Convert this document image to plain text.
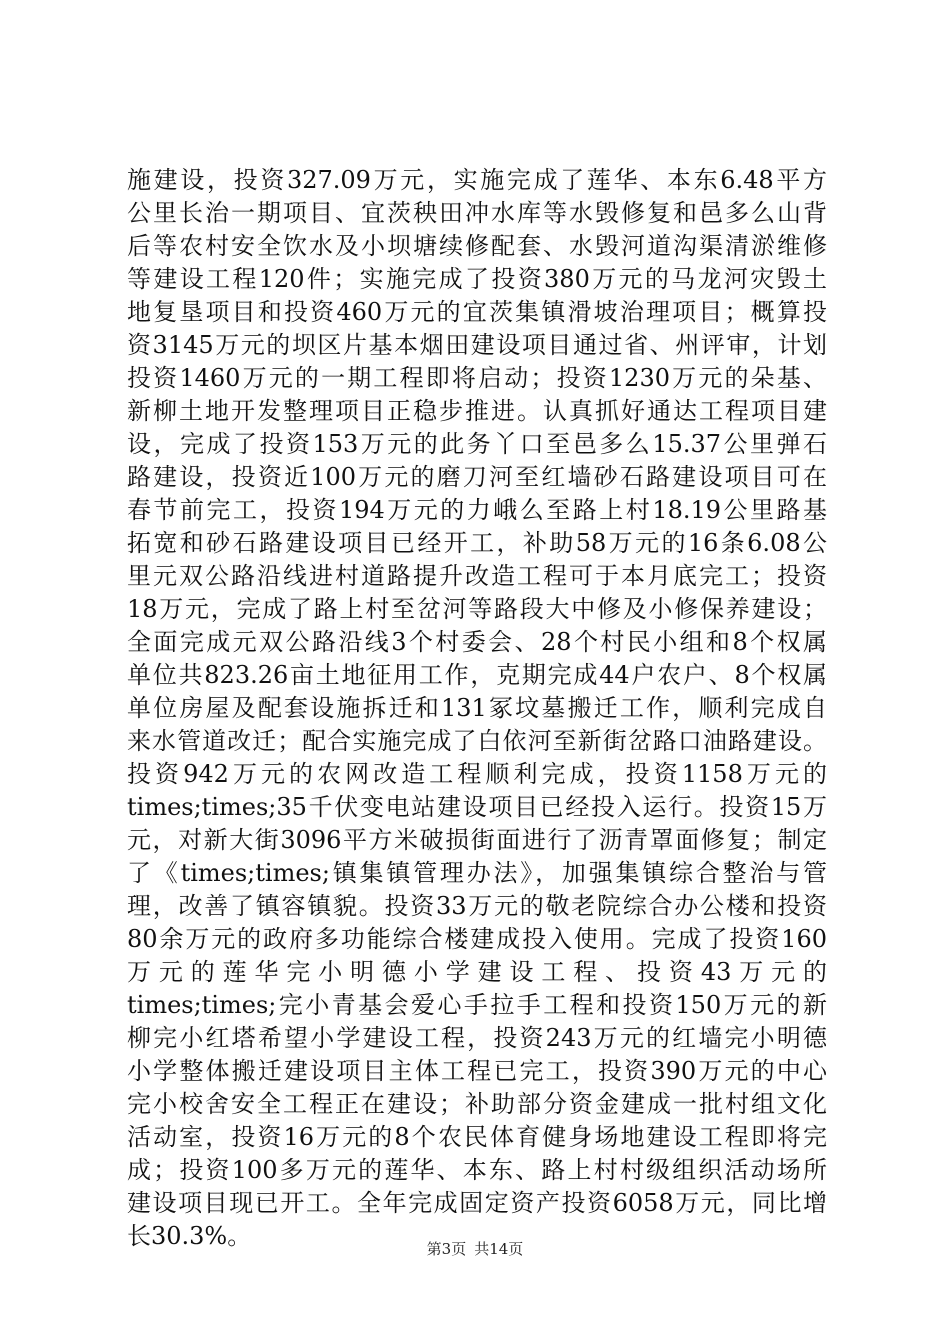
施建设，投资327.09万元，实施完成了莲华、本东6.48平方
公里长治一期项目、宜茨秧田冲水库等水毁修复和邑多么山背
后等农村安全饮水及小坝塘续修配套、水毁河道沟渠清淤维修
等建设工程120件；实施完成了投资380万元的马龙河灾毁土
地复垦项目和投资460万元的宜茨集镇滑坡治理项目；概算投
资3145万元的坝区片基本烟田建设项目通过省、州评审，计划
投资1460万元的一期工程即将启动；投资1230万元的朵基、
新柳土地开发整理项目正稳步推进。认真抓好通达工程项目建
设，完成了投资153万元的此务丫口至邑多么15.37公里弹石
路建设，投资近100万元的磨刀河至红墙砂石路建设项目可在
春节前完工，投资194万元的力峨么至路上村18.19公里路基
拓宽和砂石路建设项目已经开工，补助58万元的16条6.08公
里元双公路沿线进村道路提升改造工程可于本月底完工；投资
18万元，完成了路上村至岔河等路段大中修及小修保养建设；
全面完成元双公路沿线3个村委会、28个村民小组和8个权属
单位共823.26亩土地征用工作，克期完成44户农户、8个权属
单位房屋及配套设施拆迁和131冢坟墓搬迁工作，顺利完成自
来水管道改迁；配合实施完成了白依河至新街岔路口油路建设。
投资942万元的农网改造工程顺利完成，投资1158万元的
times;times;35千伏变电站建设项目已经投入运行。投资15万
元，对新大街3096平方米破损街面进行了沥青罩面修复；制定
了《times;times;镇集镇管理办法》，加强集镇综合整治与管
理，改善了镇容镇貌。投资33万元的敬老院综合办公楼和投资
80余万元的政府多功能综合楼建成投入使用。完成了投资160
万元的莲华完小明德小学建设工程、投资43万元的
times;times;完小青基会爱心手拉手工程和投资150万元的新
柳完小红塔希望小学建设工程，投资243万元的红墙完小明德
小学整体搬迁建设项目主体工程已完工，投资390万元的中心
完小校舍安全工程正在建设；补助部分资金建成一批村组文化
活动室，投资16万元的8个农民体育健身场地建设工程即将完
成；投资100多万元的莲华、本东、路上村村级组织活动场所
建设项目现已开工。全年完成固定资产投资6058万元，同比增
长30.3%。	第3页 共14页
